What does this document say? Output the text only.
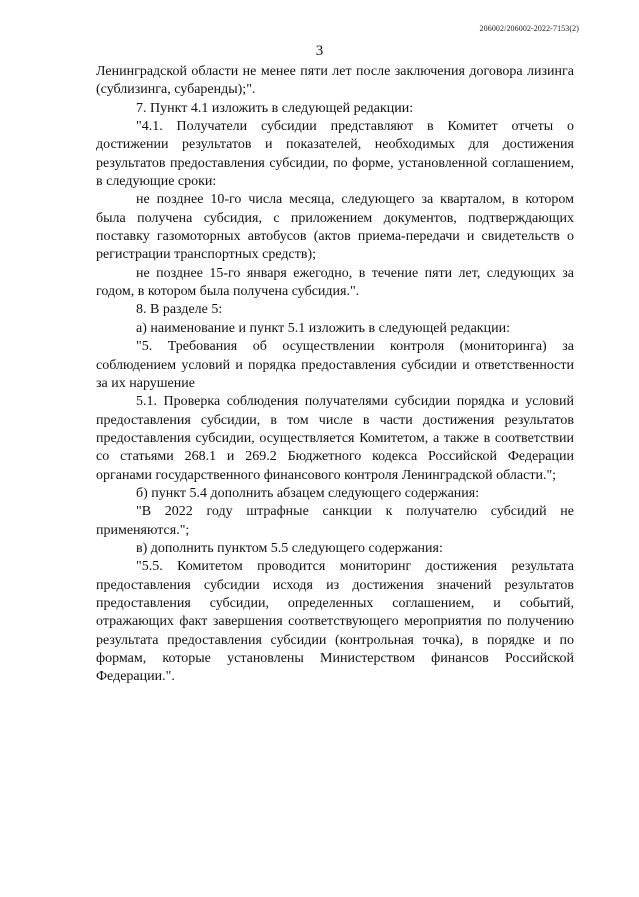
206002/206002-2022-7153(2)
3

Ленинградской области не менее пяти лет после заключения договора лизинга (сублизинга, субаренды);".

7. Пункт 4.1 изложить в следующей редакции:

"4.1. Получатели субсидии представляют в Комитет отчеты о достижении результатов и показателей, необходимых для достижения результатов предоставления субсидии, по форме, установленной соглашением, в следующие сроки:

не позднее 10-го числа месяца, следующего за кварталом, в котором была получена субсидия, с приложением документов, подтверждающих поставку газомоторных автобусов (актов приема-передачи и свидетельств о регистрации транспортных средств);

не позднее 15-го января ежегодно, в течение пяти лет, следующих за годом, в котором была получена субсидия.".

8. В разделе 5:

а) наименование и пункт 5.1 изложить в следующей редакции:

"5. Требования об осуществлении контроля (мониторинга) за соблюдением условий и порядка предоставления субсидии и ответственности за их нарушение

5.1. Проверка соблюдения получателями субсидии порядка и условий предоставления субсидии, в том числе в части достижения результатов предоставления субсидии, осуществляется Комитетом, а также в соответствии со статьями 268.1 и 269.2 Бюджетного кодекса Российской Федерации органами государственного финансового контроля Ленинградской области.";

б) пункт 5.4 дополнить абзацем следующего содержания:

"В 2022 году штрафные санкции к получателю субсидий не применяются.";

в) дополнить пунктом 5.5 следующего содержания:

"5.5. Комитетом проводится мониторинг достижения результата предоставления субсидии исходя из достижения значений результатов предоставления субсидии, определенных соглашением, и событий, отражающих факт завершения соответствующего мероприятия по получению результата предоставления субсидии (контрольная точка), в порядке и по формам, которые установлены Министерством финансов Российской Федерации.".
